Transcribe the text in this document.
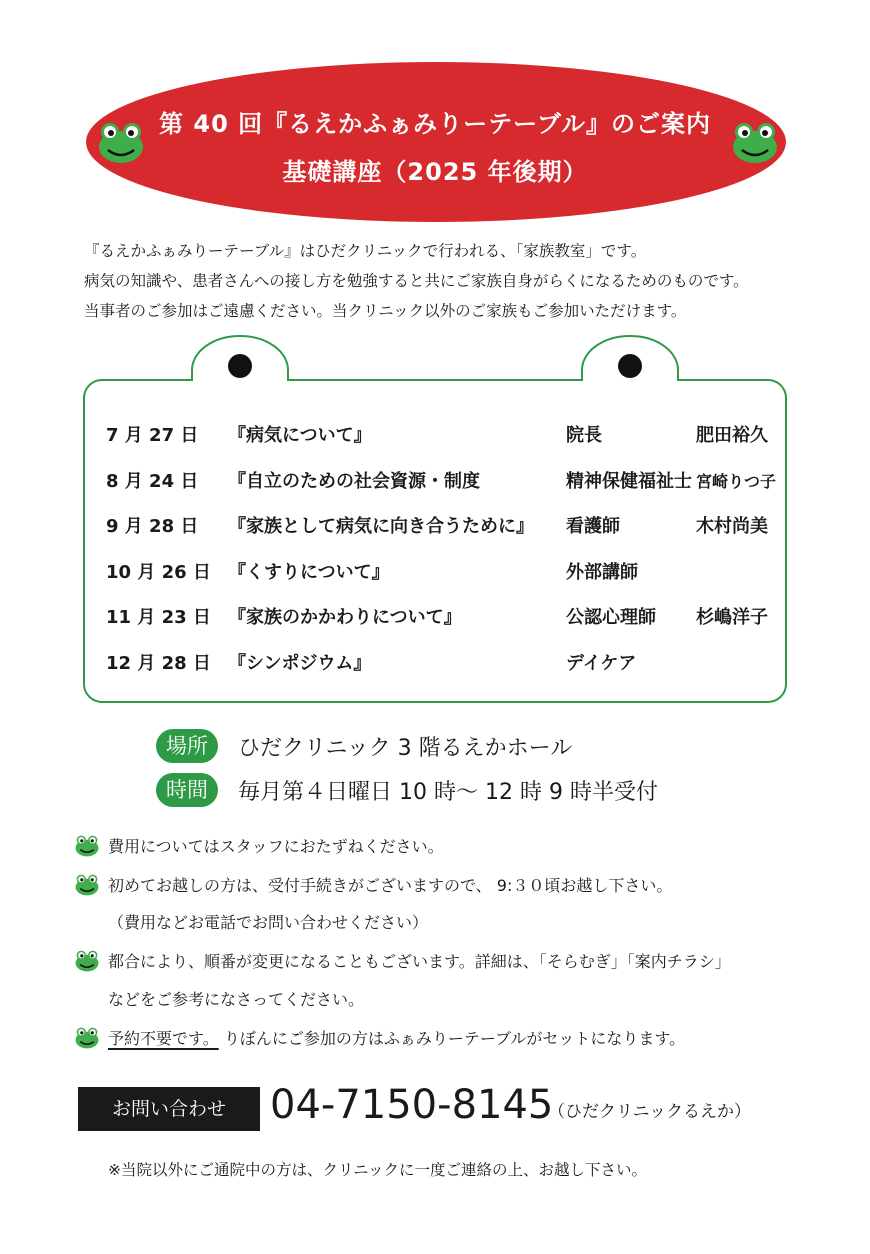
第 40 回『るえかふぁみりーテーブル』のご案内
基礎講座（2025 年後期）

『るえかふぁみりーテーブル』はひだクリニックで行われる、「家族教室」です。

病気の知識や、患者さんへの接し方を勉強すると共にご家族自身がらくになるためのものです。

当事者のご参加はご遠慮ください。当クリニック以外のご家族もご参加いただけます。

7 月 27 日 『病気について』	院長	肥田裕久
8 月 24 日 『自立のための社会資源・制度	精神保健福祉士 宮崎りつ子
9 月 28 日 『家族として病気に向き合うために』 看護師	木村尚美
10 月 26 日 『くすりについて』	外部講師
11 月 23 日 『家族のかかわりについて』	公認心理師 杉嶋洋子
12 月 28 日 『シンポジウム』	デイケア
場所	ひだクリニック 3 階るえかホール
時間	毎月第４日曜日 10 時～ 12 時 9 時半受付
費用についてはスタッフにおたずねください。
初めてお越しの方は、受付手続きがございますので、 9:３０頃お越し下さい。
（費用などお電話でお問い合わせください）
都合により、順番が変更になることもございます。詳細は、「そらむぎ」「案内チラシ」
などをご参考になさってください。
予約不要です。 りぼんにご参加の方はふぁみりーテーブルがセットになります。
お問い合わせ	04-7150-8145
（ひだクリニックるえか）
※当院以外にご通院中の方は、クリニックに一度ご連絡の上、お越し下さい。
